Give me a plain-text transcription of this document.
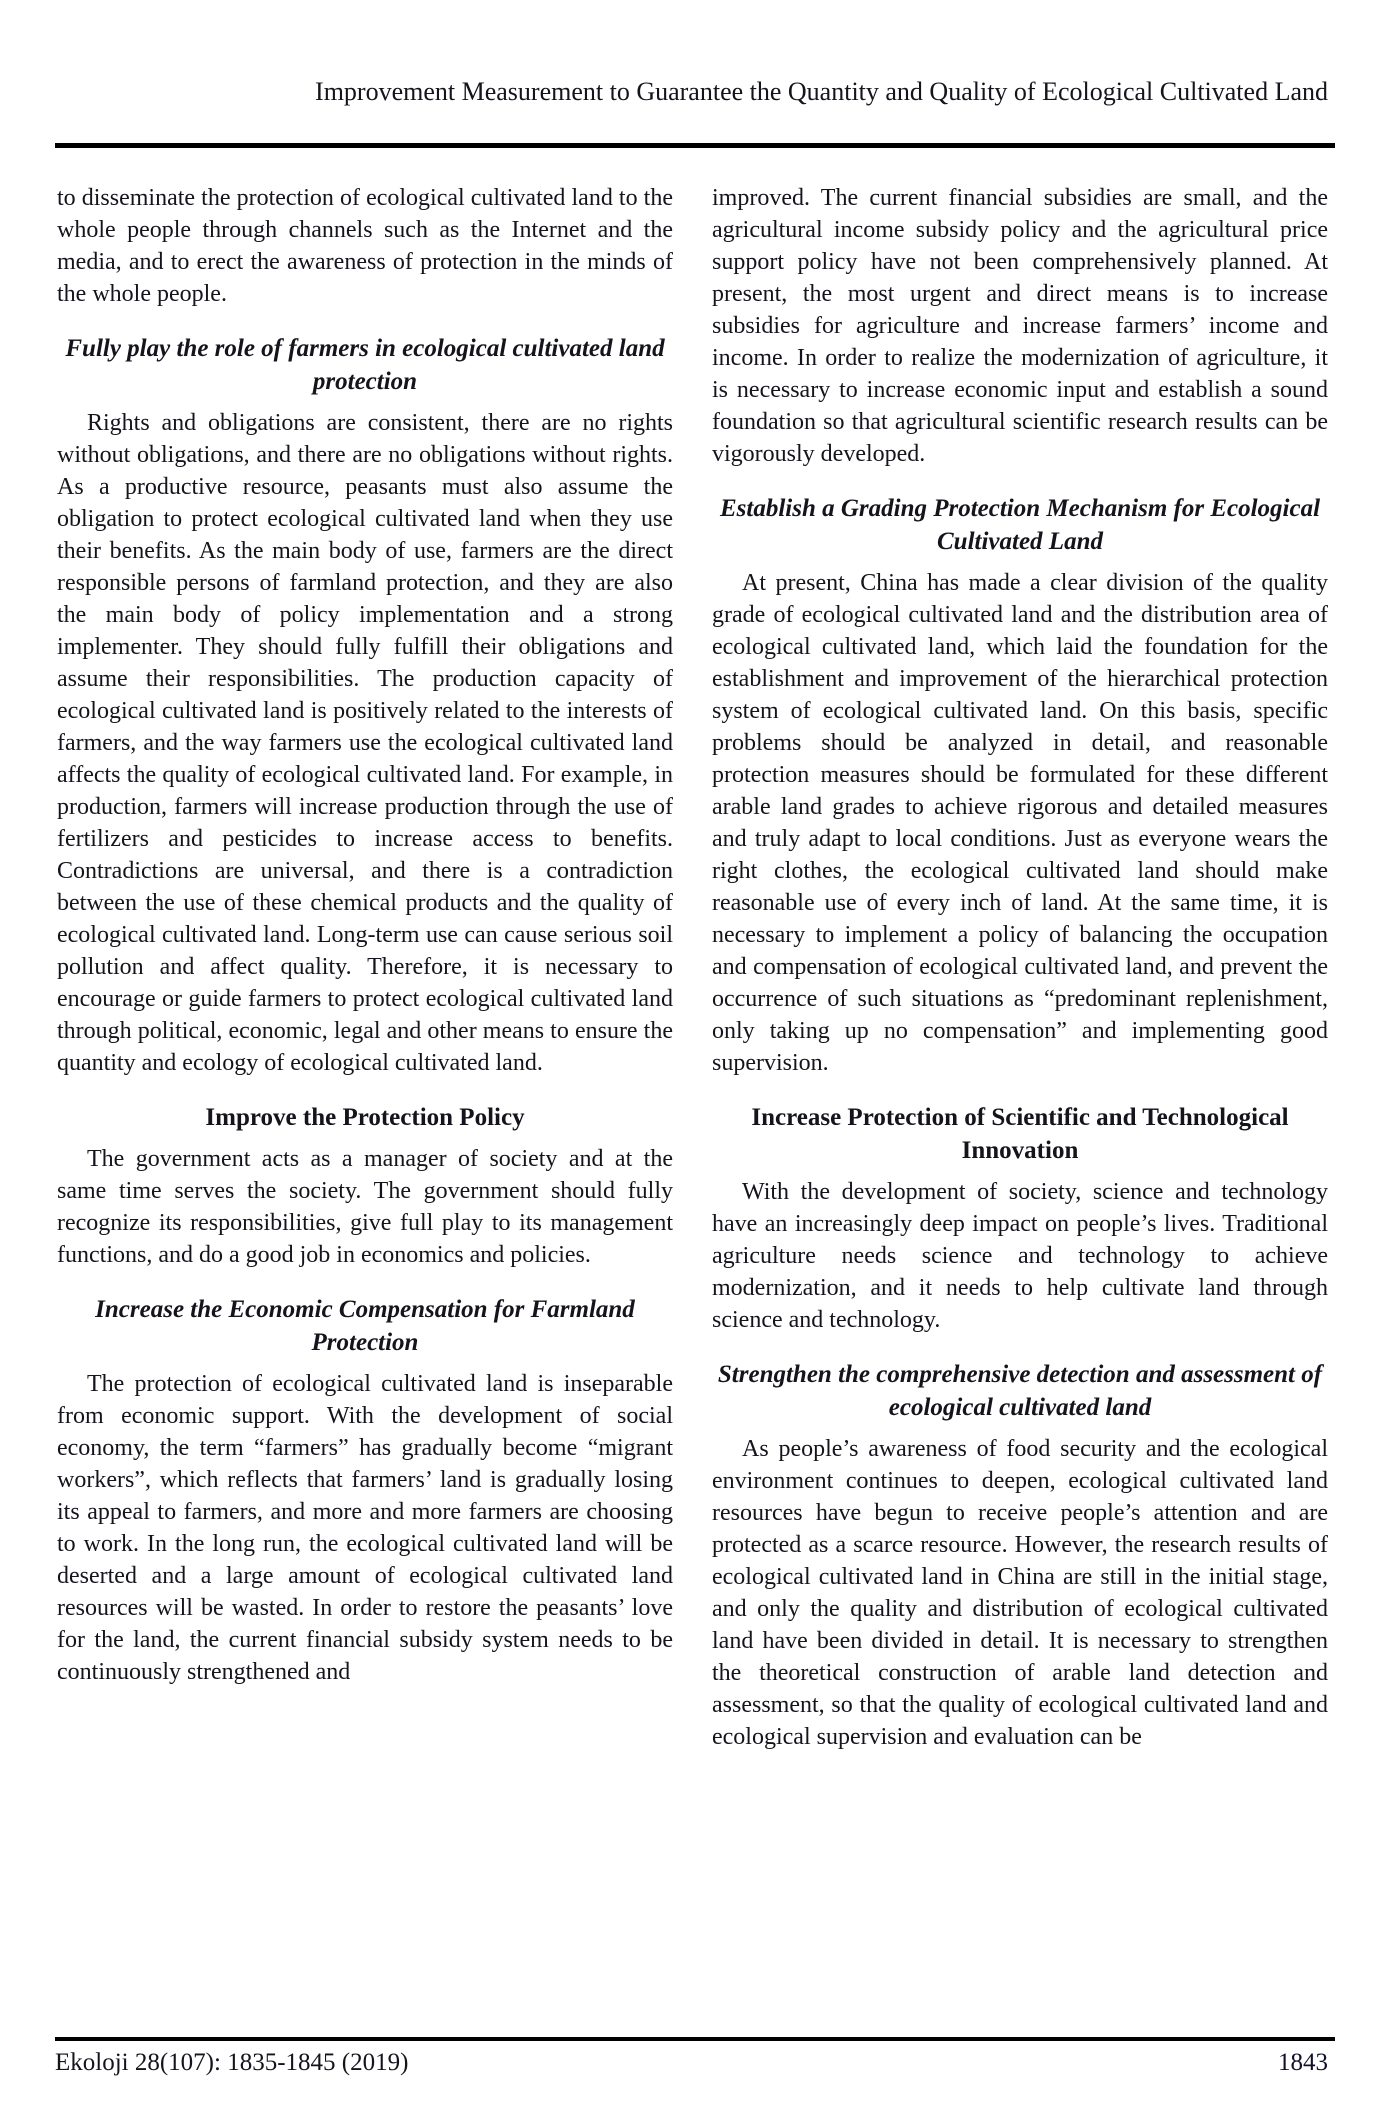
Improvement Measurement to Guarantee the Quantity and Quality of Ecological Cultivated Land
to disseminate the protection of ecological cultivated land to the whole people through channels such as the Internet and the media, and to erect the awareness of protection in the minds of the whole people.
Fully play the role of farmers in ecological cultivated land protection
Rights and obligations are consistent, there are no rights without obligations, and there are no obligations without rights. As a productive resource, peasants must also assume the obligation to protect ecological cultivated land when they use their benefits. As the main body of use, farmers are the direct responsible persons of farmland protection, and they are also the main body of policy implementation and a strong implementer. They should fully fulfill their obligations and assume their responsibilities. The production capacity of ecological cultivated land is positively related to the interests of farmers, and the way farmers use the ecological cultivated land affects the quality of ecological cultivated land. For example, in production, farmers will increase production through the use of fertilizers and pesticides to increase access to benefits. Contradictions are universal, and there is a contradiction between the use of these chemical products and the quality of ecological cultivated land. Long-term use can cause serious soil pollution and affect quality. Therefore, it is necessary to encourage or guide farmers to protect ecological cultivated land through political, economic, legal and other means to ensure the quantity and ecology of ecological cultivated land.
Improve the Protection Policy
The government acts as a manager of society and at the same time serves the society. The government should fully recognize its responsibilities, give full play to its management functions, and do a good job in economics and policies.
Increase the Economic Compensation for Farmland Protection
The protection of ecological cultivated land is inseparable from economic support. With the development of social economy, the term “farmers” has gradually become “migrant workers”, which reflects that farmers’ land is gradually losing its appeal to farmers, and more and more farmers are choosing to work. In the long run, the ecological cultivated land will be deserted and a large amount of ecological cultivated land resources will be wasted. In order to restore the peasants’ love for the land, the current financial subsidy system needs to be continuously strengthened and
improved. The current financial subsidies are small, and the agricultural income subsidy policy and the agricultural price support policy have not been comprehensively planned. At present, the most urgent and direct means is to increase subsidies for agriculture and increase farmers’ income and income. In order to realize the modernization of agriculture, it is necessary to increase economic input and establish a sound foundation so that agricultural scientific research results can be vigorously developed.
Establish a Grading Protection Mechanism for Ecological Cultivated Land
At present, China has made a clear division of the quality grade of ecological cultivated land and the distribution area of ecological cultivated land, which laid the foundation for the establishment and improvement of the hierarchical protection system of ecological cultivated land. On this basis, specific problems should be analyzed in detail, and reasonable protection measures should be formulated for these different arable land grades to achieve rigorous and detailed measures and truly adapt to local conditions. Just as everyone wears the right clothes, the ecological cultivated land should make reasonable use of every inch of land. At the same time, it is necessary to implement a policy of balancing the occupation and compensation of ecological cultivated land, and prevent the occurrence of such situations as “predominant replenishment, only taking up no compensation” and implementing good supervision.
Increase Protection of Scientific and Technological Innovation
With the development of society, science and technology have an increasingly deep impact on people’s lives. Traditional agriculture needs science and technology to achieve modernization, and it needs to help cultivate land through science and technology.
Strengthen the comprehensive detection and assessment of ecological cultivated land
As people’s awareness of food security and the ecological environment continues to deepen, ecological cultivated land resources have begun to receive people’s attention and are protected as a scarce resource. However, the research results of ecological cultivated land in China are still in the initial stage, and only the quality and distribution of ecological cultivated land have been divided in detail. It is necessary to strengthen the theoretical construction of arable land detection and assessment, so that the quality of ecological cultivated land and ecological supervision and evaluation can be
Ekoloji 28(107): 1835-1845 (2019)	1843
